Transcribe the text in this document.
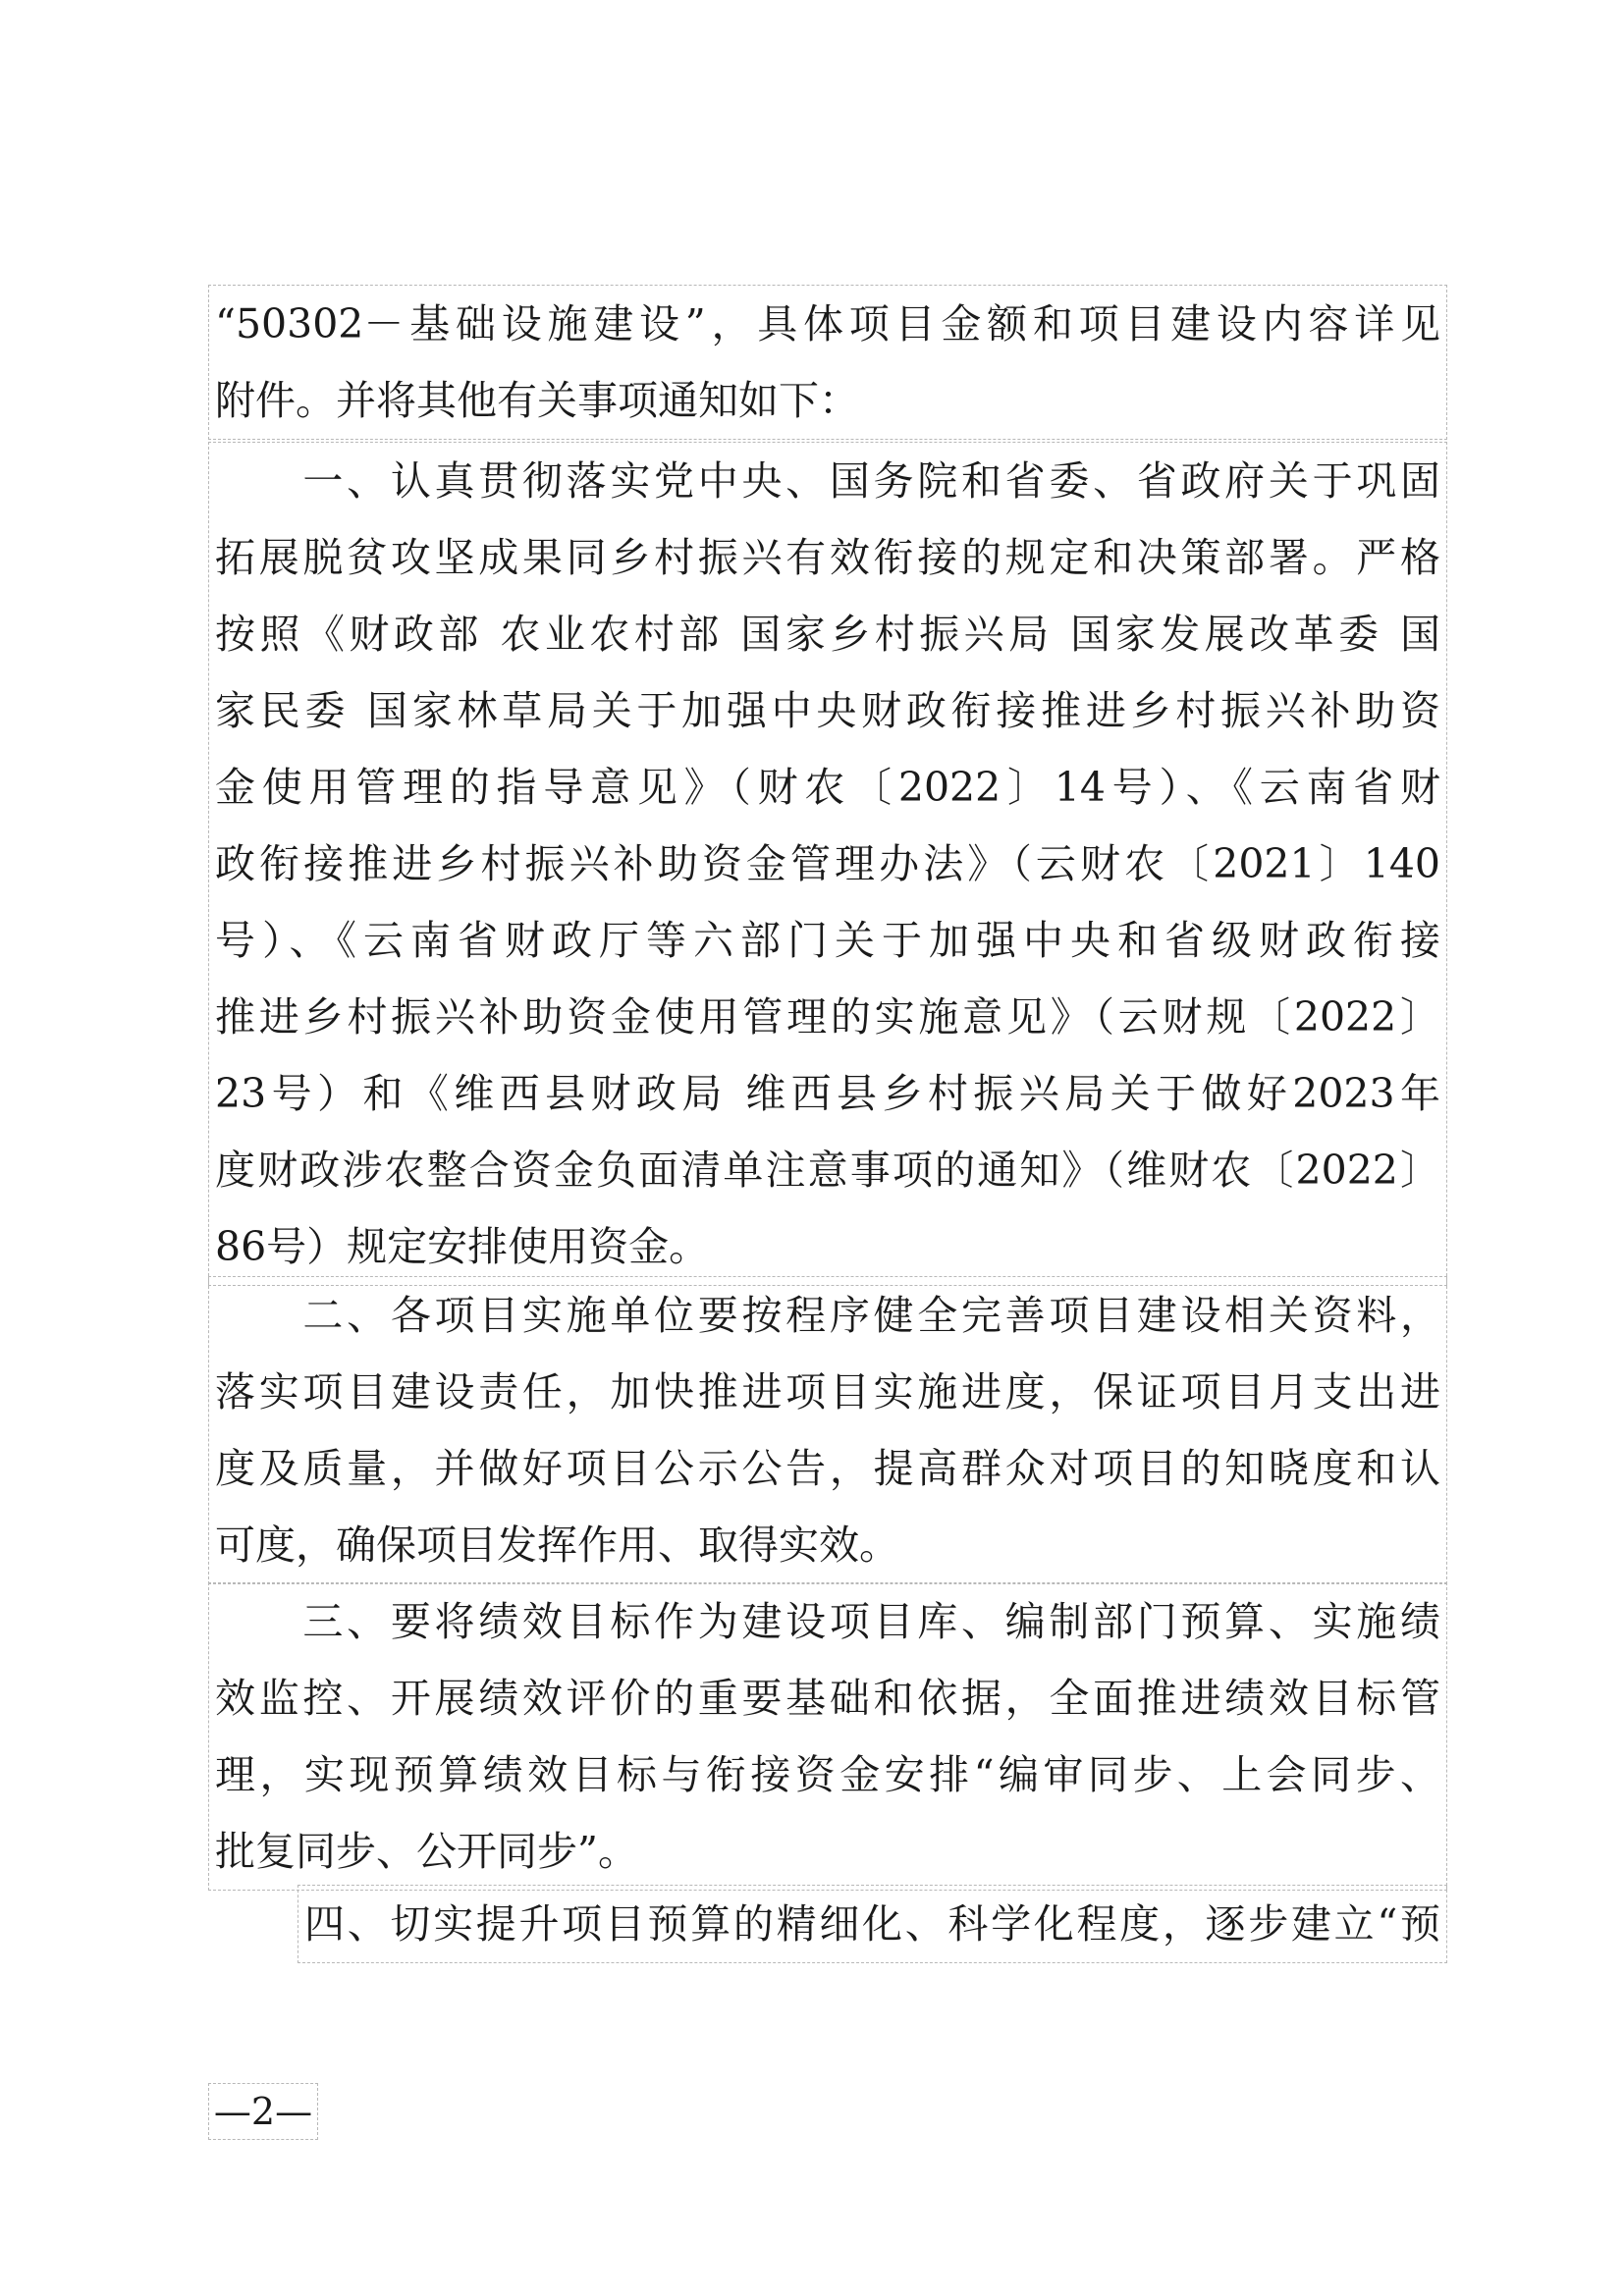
“50302－基础设施建设”，具体项目金额和项目建设内容详见
附件。并将其他有关事项通知如下：
　　一、认真贯彻落实党中央、国务院和省委、省政府关于巩固
拓展脱贫攻坚成果同乡村振兴有效衔接的规定和决策部署。严格
按照《财政部 农业农村部 国家乡村振兴局 国家发展改革委 国
家民委 国家林草局关于加强中央财政衔接推进乡村振兴补助资
金使用管理的指导意见》（财农〔2022〕14号）、《云南省财
政衔接推进乡村振兴补助资金管理办法》（云财农〔2021〕140
号）、《云南省财政厅等六部门关于加强中央和省级财政衔接
推进乡村振兴补助资金使用管理的实施意见》（云财规〔2022〕
23号）和《维西县财政局 维西县乡村振兴局关于做好2023年
度财政涉农整合资金负面清单注意事项的通知》（维财农〔2022〕
86号）规定安排使用资金。
　　二、各项目实施单位要按程序健全完善项目建设相关资料，
落实项目建设责任，加快推进项目实施进度，保证项目月支出进
度及质量，并做好项目公示公告，提高群众对项目的知晓度和认
可度，确保项目发挥作用、取得实效。
　　三、要将绩效目标作为建设项目库、编制部门预算、实施绩
效监控、开展绩效评价的重要基础和依据，全面推进绩效目标管
理，实现预算绩效目标与衔接资金安排“编审同步、上会同步、
批复同步、公开同步”。
四、切实提升项目预算的精细化、科学化程度，逐步建立“预
—2—
